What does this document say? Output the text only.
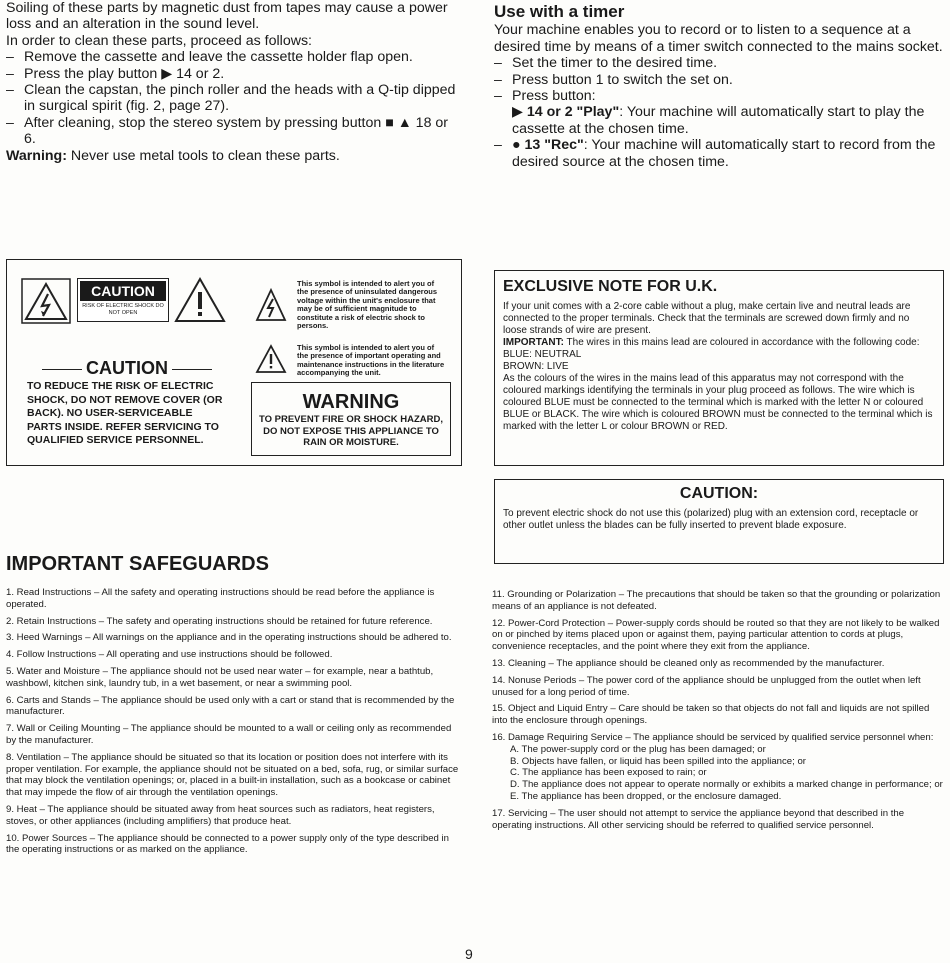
Soiling of these parts by magnetic dust from tapes may cause a power loss and an alteration in the sound level.

In order to clean these parts, proceed as follows:

– Remove the cassette and leave the cassette holder flap open.

– Press the play button ▶ 14 or 2.

– Clean the capstan, the pinch roller and the heads with a Q-tip dipped in surgical spirit (fig. 2, page 27).

– After cleaning, stop the stereo system by pressing button ■ ▲ 18 or 6.

Warning: Never use metal tools to clean these parts.

Use with a timer

Your machine enables you to record or to listen to a sequence at a desired time by means of a timer switch connected to the mains socket.

– Set the timer to the desired time.

– Press button 1 to switch the set on.

– Press button:

▶ 14 or 2 "Play": Your machine will automatically start to play the cassette at the chosen time.

– ● 13 "Rec": Your machine will automatically start to record from the desired source at the chosen time.

CAUTION
RISK OF ELECTRIC SHOCK DO NOT OPEN
CAUTION
TO REDUCE THE RISK OF ELECTRIC SHOCK, DO NOT REMOVE COVER (OR BACK). NO USER-SERVICEABLE PARTS INSIDE. REFER SERVICING TO QUALIFIED SERVICE PERSONNEL.
This symbol is intended to alert you of the presence of uninsulated dangerous voltage within the unit's enclosure that may be of sufficient magnitude to constitute a risk of electric shock to persons.
This symbol is intended to alert you of the presence of important operating and maintenance instructions in the literature accompanying the unit.
WARNING
TO PREVENT FIRE OR SHOCK HAZARD, DO NOT EXPOSE THIS APPLIANCE TO RAIN OR MOISTURE.
EXCLUSIVE NOTE FOR U.K.

If your unit comes with a 2-core cable without a plug, make certain live and neutral leads are connected to the proper terminals. Check that the terminals are screwed down firmly and no loose strands of wire are present.

IMPORTANT: The wires in this mains lead are coloured in accordance with the following code:

BLUE: NEUTRAL

BROWN: LIVE

As the colours of the wires in the mains lead of this apparatus may not correspond with the coloured markings identifying the terminals in your plug proceed as follows. The wire which is coloured BLUE must be connected to the terminal which is marked with the letter N or coloured BLUE or BLACK. The wire which is coloured BROWN must be connected to the terminal which is marked with the letter L or colour BROWN or RED.

CAUTION:

To prevent electric shock do not use this (polarized) plug with an extension cord, receptacle or other outlet unless the blades can be fully inserted to prevent blade exposure.

IMPORTANT SAFEGUARDS

1. Read Instructions – All the safety and operating instructions should be read before the appliance is operated.

2. Retain Instructions – The safety and operating instructions should be retained for future reference.

3. Heed Warnings – All warnings on the appliance and in the operating instructions should be adhered to.

4. Follow Instructions – All operating and use instructions should be followed.

5. Water and Moisture – The appliance should not be used near water – for example, near a bathtub, washbowl, kitchen sink, laundry tub, in a wet basement, or near a swimming pool.

6. Carts and Stands – The appliance should be used only with a cart or stand that is recommended by the manufacturer.

7. Wall or Ceiling Mounting – The appliance should be mounted to a wall or ceiling only as recommended by the manufacturer.

8. Ventilation – The appliance should be situated so that its location or position does not interfere with its proper ventilation. For example, the appliance should not be situated on a bed, sofa, rug, or similar surface that may block the ventilation openings; or, placed in a built-in installation, such as a bookcase or cabinet that may impede the flow of air through the ventilation openings.

9. Heat – The appliance should be situated away from heat sources such as radiators, heat registers, stoves, or other appliances (including amplifiers) that produce heat.

10. Power Sources – The appliance should be connected to a power supply only of the type described in the operating instructions or as marked on the appliance.

11. Grounding or Polarization – The precautions that should be taken so that the grounding or polarization means of an appliance is not defeated.

12. Power-Cord Protection – Power-supply cords should be routed so that they are not likely to be walked on or pinched by items placed upon or against them, paying particular attention to cords at plugs, convenience receptacles, and the point where they exit from the appliance.

13. Cleaning – The appliance should be cleaned only as recommended by the manufacturer.

14. Nonuse Periods – The power cord of the appliance should be unplugged from the outlet when left unused for a long period of time.

15. Object and Liquid Entry – Care should be taken so that objects do not fall and liquids are not spilled into the enclosure through openings.

16. Damage Requiring Service – The appliance should be serviced by qualified service personnel when:

A. The power-supply cord or the plug has been damaged; or

B. Objects have fallen, or liquid has been spilled into the appliance; or

C. The appliance has been exposed to rain; or

D. The appliance does not appear to operate normally or exhibits a marked change in performance; or

E. The appliance has been dropped, or the enclosure damaged.

17. Servicing – The user should not attempt to service the appliance beyond that described in the operating instructions. All other servicing should be referred to qualified service personnel.

9
